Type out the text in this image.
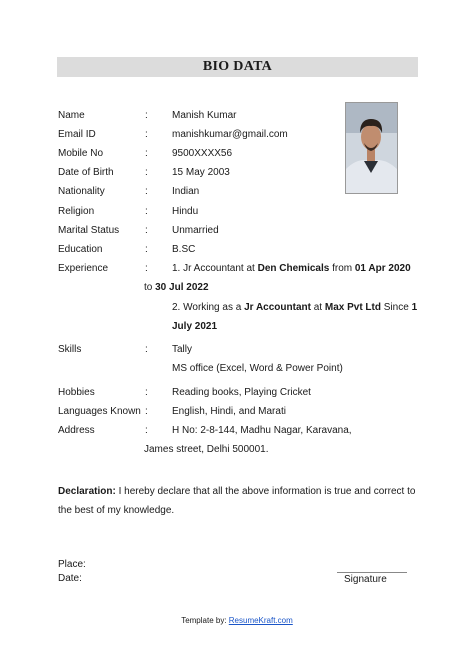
BIO DATA
Name	: Manish Kumar
Email ID	: manishkumar@gmail.com
Mobile No	: 9500XXXX56
Date of Birth	: 15 May 2003
Nationality	: Indian
Religion	: Hindu
Marital Status	: Unmarried
Education	: B.SC
Experience	: 1. Jr Accountant at Den Chemicals from 01 Apr 2020
to 30 Jul 2022
2. Working as a Jr Accountant at Max Pvt Ltd Since 1
July 2021
Skills	: Tally
MS office (Excel, Word & Power Point)
Hobbies	: Reading books, Playing Cricket
Languages Known : English, Hindi, and Marati
Address	: H No: 2-8-144, Madhu Nagar, Karavana,
James street, Delhi 500001.
Declaration: I hereby declare that all the above information is true and correct to the best of my knowledge.
Place:
Date:	Signature
Template by: ResumeKraft.com
